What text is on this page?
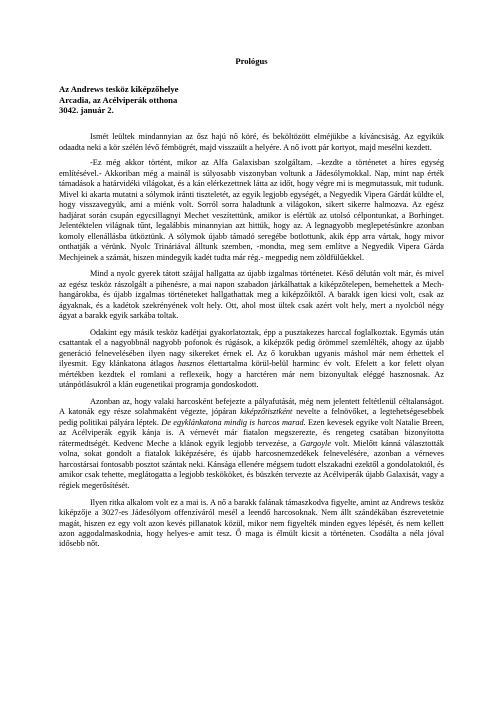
Prológus
Az Andrews tesköz kiképzőhelye
Arcadia, az Acélviperák otthona
3042. január 2.

Ismét leültek mindannyian az ősz hajú nő köré, és beköltözött elméjükbe a kíváncsiság. Az egyikük odaadta neki a kör szélén lévő fémbögrét, majd visszaült a helyére. A nő ivott pár kortyot, majd mesélni kezdett.

-Ez még akkor történt, mikor az Alfa Galaxisban szolgáltam. –kezdte a történetet a híres egység említésével.- Akkoriban még a mainál is súlyosabb viszonyban voltunk a Jádesólymokkal. Nap, mint nap érték támadások a határvidéki világokat, és a kán elérkezettnek látta az időt, hogy végre mi is megmutassuk, mit tudunk. Mivel ki akarta mutatni a sólymok iránti tiszteletét, az egyik legjobb egységét, a Negyedik Vipera Gárdát küldte el, hogy visszavegyük, ami a miénk volt. Sorról sorra haladtunk a világokon, sikert sikerre halmozva. Az egész hadjárat során csupán egycsillagnyi Mechet veszítettünk, amikor is elértük az utolsó célpontunkat, a Borhinget. Jelentéktelen világnak tűnt, legalábbis minannyian azt hittük, hogy az. A legnagyobb meglepetésünkre azonban komoly ellenállásba ütköztünk. A sólymok újabb támadó seregébe botlottunk, akik épp arra vártak, hogy mivor onthatják a vérünk. Nyolc Trináriával álltunk szemben, -mondta, meg sem említve a Negyedik Vipera Gárda Mechjeinek a számát, hiszen mindegyik kadét tudta már rég.- megpedig nem zöldfülűekkel.

Mind a nyolc gyerek tátott szájjal hallgatta az újabb izgalmas történetet. Késő délután volt már, és mivel az egész tesköz rászolgált a pihenésre, a mai napon szabadon járkálhattak a kiképzőtelepen, bemehettek a Mech-hangárokba, és újabb izgalmas történeteket hallgathattak meg a kiképzőiktől. A barakk igen kicsi volt, csak az ágyaknak, és a kadétok szekrényének volt hely. Ott, ahol most ültek csak azért volt hely, mert a nyolcból négy ágyat a barakk egyik sarkába toltak.

Odakint egy másik tesköz kadétjai gyakorlatoztak, épp a pusztakezes harccal foglalkoztak. Egymás után csattantak el a nagyobbnál nagyobb pofonok és rúgások, a kiképzők pedig örömmel szemlélték, ahogy az újabb generáció felnevelésében ilyen nagy sikereket érnek el. Az ő korukban ugyanis máshol már nem érhettek el ilyesmit. Egy klánkatona átlagos hasznos élettartalma körül-belül harminc év volt. Efelett a kor felett olyan mértékben kezdtek el romlani a reflexeik, hogy a harctéren már nem bizonyultak eléggé hasznosnak. Az utánpótlásukról a klán eugenetikai programja gondoskodott.

Azonban az, hogy valaki harcosként befejezte a pályafutását, még nem jelentett feltétlenül céltalanságot. A katonák egy része solahmaként végezte, jópáran kiképzőtisztként nevelte a felnövőket, a legtehetségesebbek pedig politikai pályára léptek. De egyklánkatona mindig is harcos marad. Ezen kevesek egyike volt Natalie Breen, az Acélviperák egyik kánja is. A vérnevét már fiatalon megszerezte, és rengeteg csatában bizonyította rátermedtségét. Kedvenc Meche a klánok egyik legjobb tervezése, a Gargoyle volt. Mielőtt kánná választották volna, sokat gondolt a fiatalok kiképzésére, és újabb harcosnemzedékek felnevelésére, azonban a vérneves harcostársai fontosabb posztot szántak neki. Kánsága ellenére mégsem tudott elszakadni ezektől a gondolatoktól, és amikor csak tehette, meglátogatta a legjobb teskököket, és büszkén tervezte az Acélviperák újabb Galaxisát, vagy a régiek megerősítését.

Ilyen ritka alkalom volt ez a mai is. A nő a barakk falának támaszkodva figyelte, amint az Andrews tesköz kiképzője a 3027-es Jádesólyom offenzíváról mesél a leendő harcosoknak. Nem állt szándékában észrevetetnie magát, hiszen ez egy volt azon kevés pillanatok közül, mikor nem figyelték minden egyes lépését, és nem kellett azon aggodalmaskodnia, hogy helyes-e amit tesz. Ő maga is élmült kicsit a történeten. Csodálta a néla jóval idősebb nőt.
